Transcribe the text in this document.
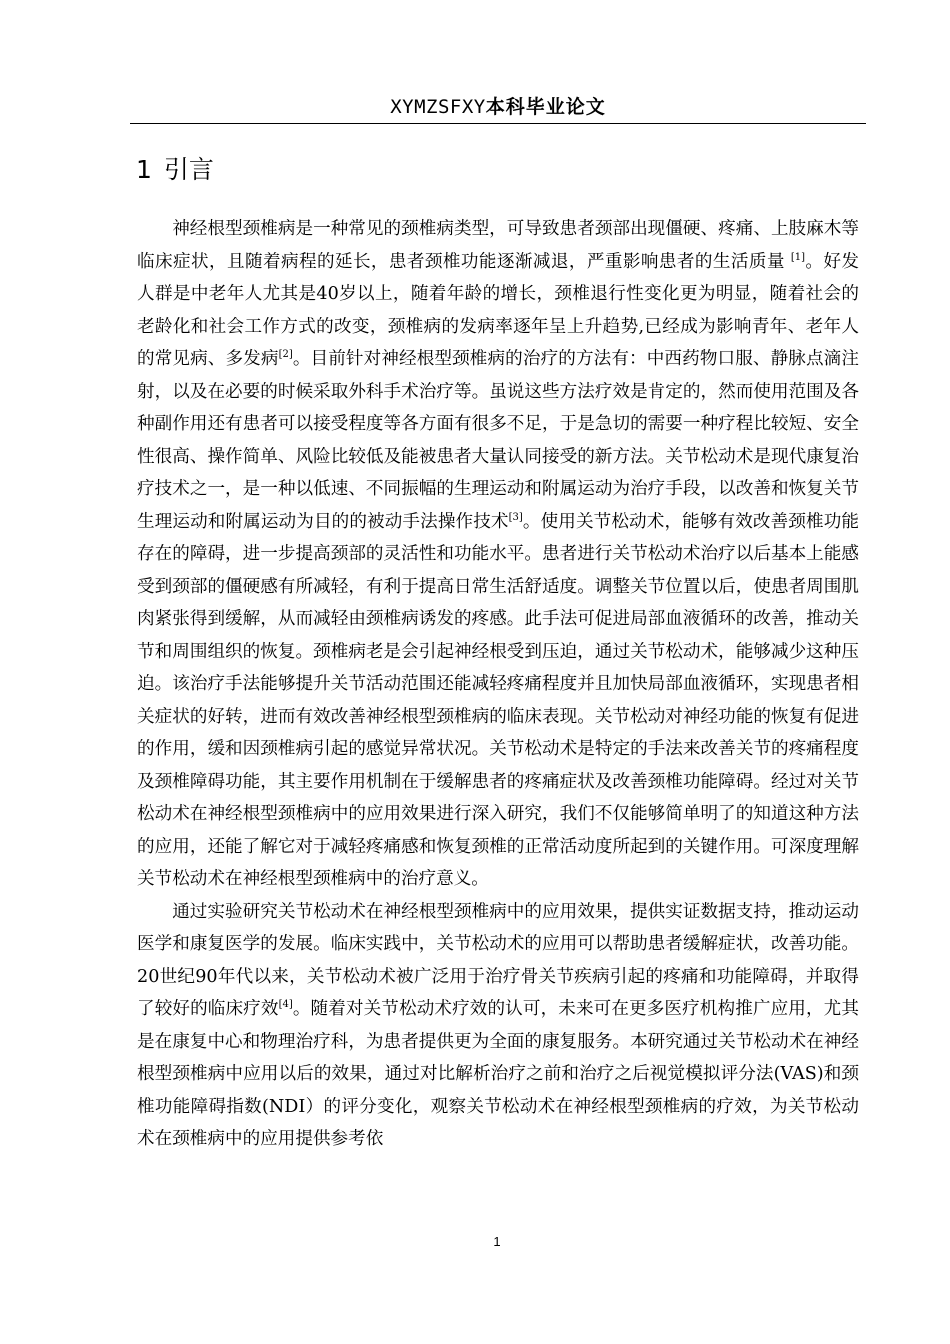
XYMZSFXY本科毕业论文
1 引言

神经根型颈椎病是一种常见的颈椎病类型，可导致患者颈部出现僵硬、疼痛、上肢麻木等临床症状，且随着病程的延长，患者颈椎功能逐渐减退，严重影响患者的生活质量 [1]。好发人群是中老年人尤其是40岁以上，随着年龄的增长，颈椎退行性变化更为明显，随着社会的老龄化和社会工作方式的改变，颈椎病的发病率逐年呈上升趋势,已经成为影响青年、老年人的常见病、多发病[2]。目前针对神经根型颈椎病的治疗的方法有：中西药物口服、静脉点滴注射，以及在必要的时候采取外科手术治疗等。虽说这些方法疗效是肯定的，然而使用范围及各种副作用还有患者可以接受程度等各方面有很多不足，于是急切的需要一种疗程比较短、安全性很高、操作简单、风险比较低及能被患者大量认同接受的新方法。关节松动术是现代康复治疗技术之一，是一种以低速、不同振幅的生理运动和附属运动为治疗手段，以改善和恢复关节生理运动和附属运动为目的的被动手法操作技术[3]。使用关节松动术，能够有效改善颈椎功能存在的障碍，进一步提高颈部的灵活性和功能水平。患者进行关节松动术治疗以后基本上能感受到颈部的僵硬感有所减轻，有利于提高日常生活舒适度。调整关节位置以后，使患者周围肌肉紧张得到缓解，从而减轻由颈椎病诱发的疼感。此手法可促进局部血液循环的改善，推动关节和周围组织的恢复。颈椎病老是会引起神经根受到压迫，通过关节松动术，能够减少这种压迫。该治疗手法能够提升关节活动范围还能减轻疼痛程度并且加快局部血液循环，实现患者相关症状的好转，进而有效改善神经根型颈椎病的临床表现。关节松动对神经功能的恢复有促进的作用，缓和因颈椎病引起的感觉异常状况。关节松动术是特定的手法来改善关节的疼痛程度及颈椎障碍功能，其主要作用机制在于缓解患者的疼痛症状及改善颈椎功能障碍。经过对关节松动术在神经根型颈椎病中的应用效果进行深入研究，我们不仅能够简单明了的知道这种方法的应用，还能了解它对于减轻疼痛感和恢复颈椎的正常活动度所起到的关键作用。可深度理解关节松动术在神经根型颈椎病中的治疗意义。

通过实验研究关节松动术在神经根型颈椎病中的应用效果，提供实证数据支持，推动运动医学和康复医学的发展。临床实践中，关节松动术的应用可以帮助患者缓解症状，改善功能。20世纪90年代以来，关节松动术被广泛用于治疗骨关节疾病引起的疼痛和功能障碍，并取得了较好的临床疗效[4]。随着对关节松动术疗效的认可，未来可在更多医疗机构推广应用，尤其是在康复中心和物理治疗科，为患者提供更为全面的康复服务。本研究通过关节松动术在神经根型颈椎病中应用以后的效果，通过对比解析治疗之前和治疗之后视觉模拟评分法(VAS)和颈椎功能障碍指数(NDI）的评分变化，观察关节松动术在神经根型颈椎病的疗效，为关节松动术在颈椎病中的应用提供参考依

1
